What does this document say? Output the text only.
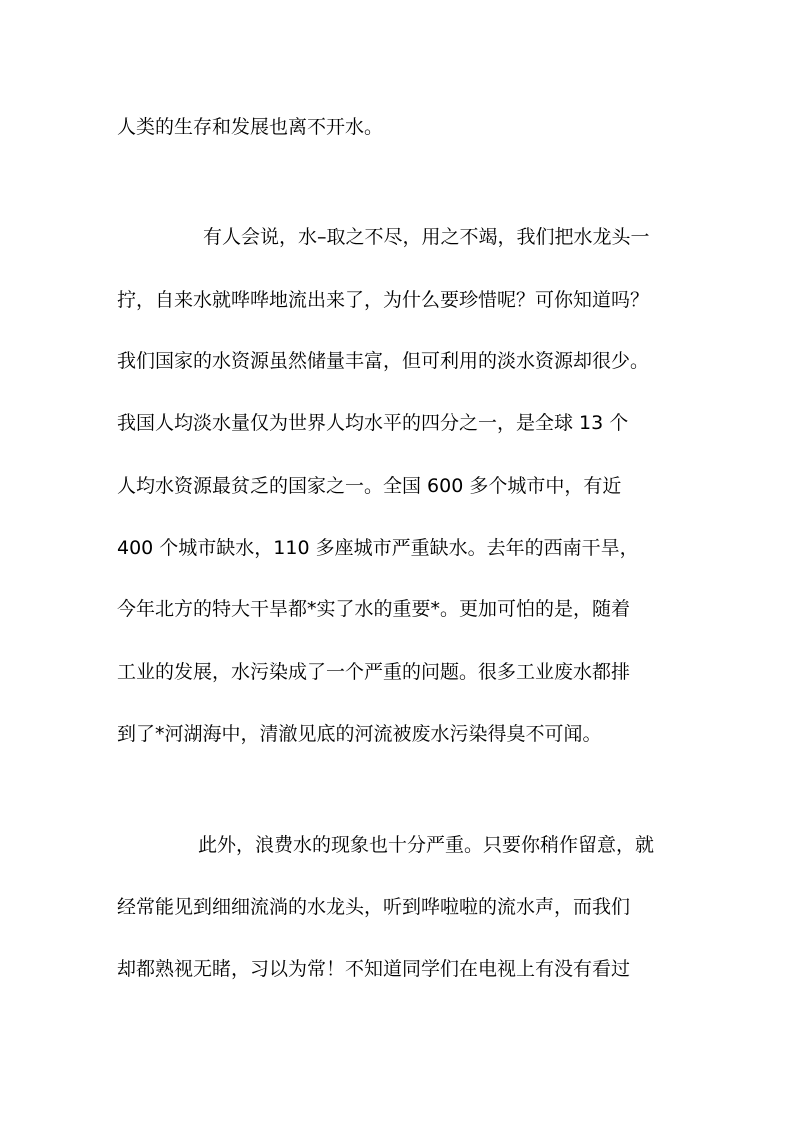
人类的生存和发展也离不开水。
有人会说，水–取之不尽，用之不竭，我们把水龙头一
拧，自来水就哗哗地流出来了，为什么要珍惜呢？可你知道吗？
我们国家的水资源虽然储量丰富，但可利用的淡水资源却很少。
我国人均淡水量仅为世界人均水平的四分之一，是全球 13 个
人均水资源最贫乏的国家之一。全国 600 多个城市中，有近
400 个城市缺水，110 多座城市严重缺水。去年的西南干旱，
今年北方的特大干旱都*实了水的重要*。更加可怕的是，随着
工业的发展，水污染成了一个严重的问题。很多工业废水都排
到了*河湖海中，清澈见底的河流被废水污染得臭不可闻。
此外，浪费水的现象也十分严重。只要你稍作留意，就
经常能见到细细流淌的水龙头，听到哗啦啦的流水声，而我们
却都熟视无睹，习以为常！不知道同学们在电视上有没有看过
